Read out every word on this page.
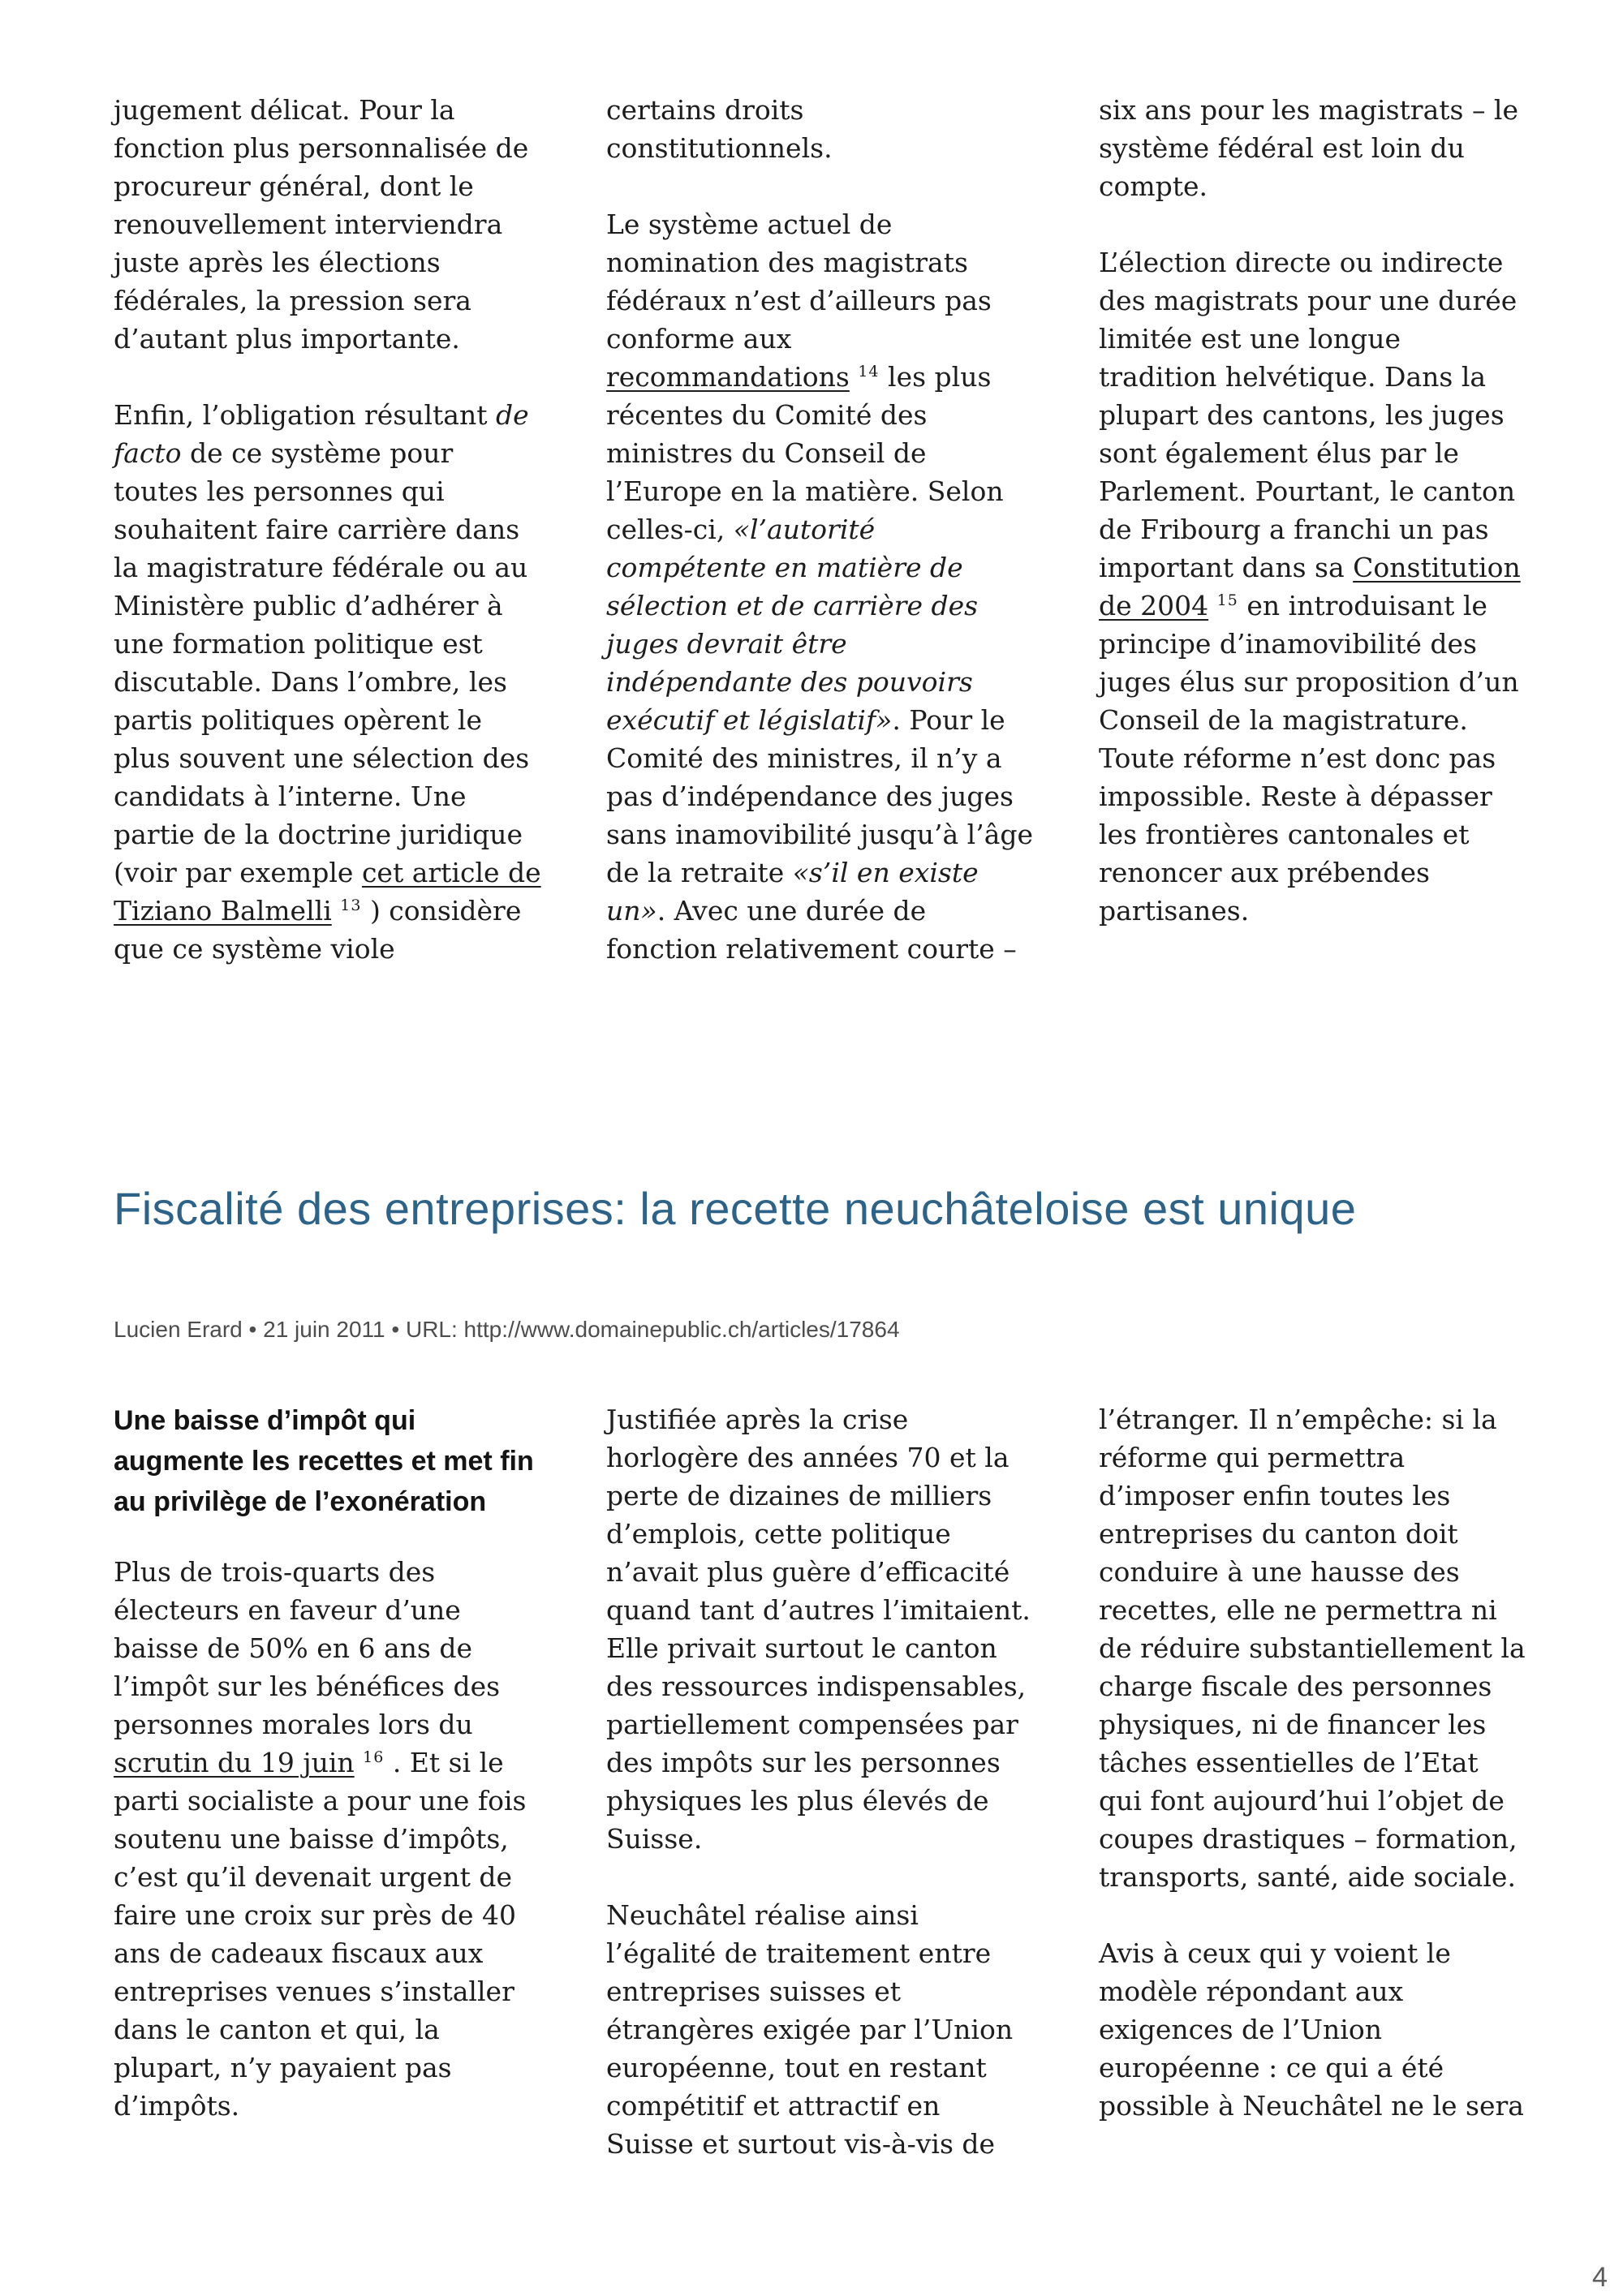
jugement délicat. Pour la fonction plus personnalisée de procureur général, dont le renouvellement interviendra juste après les élections fédérales, la pression sera d’autant plus importante.

Enfin, l’obligation résultant de facto de ce système pour toutes les personnes qui souhaitent faire carrière dans la magistrature fédérale ou au Ministère public d’adhérer à une formation politique est discutable. Dans l’ombre, les partis politiques opèrent le plus souvent une sélection des candidats à l’interne. Une partie de la doctrine juridique (voir par exemple cet article de Tiziano Balmelli $^{13}$ ) considère que ce système viole

certains droits constitutionnels.

Le système actuel de nomination des magistrats fédéraux n’est d’ailleurs pas conforme aux recommandations $^{14}$ les plus récentes du Comité des ministres du Conseil de l’Europe en la matière. Selon celles-ci, «l’autorité compétente en matière de sélection et de carrière des juges devrait être indépendante des pouvoirs exécutif et législatif». Pour le Comité des ministres, il n’y a pas d’indépendance des juges sans inamovibilité jusqu’à l’âge de la retraite «s’il en existe un». Avec une durée de fonction relativement courte –

six ans pour les magistrats – le système fédéral est loin du compte.

L’élection directe ou indirecte des magistrats pour une durée limitée est une longue tradition helvétique. Dans la plupart des cantons, les juges sont également élus par le Parlement. Pourtant, le canton de Fribourg a franchi un pas important dans sa Constitution de 2004 $^{15}$ en introduisant le principe d’inamovibilité des juges élus sur proposition d’un Conseil de la magistrature. Toute réforme n’est donc pas impossible. Reste à dépasser les frontières cantonales et renoncer aux prébendes partisanes.

Fiscalité des entreprises: la recette neuchâteloise est unique
Lucien Erard • 21 juin 2011 • URL: http://www.domainepublic.ch/articles/17864
Une baisse d’impôt qui augmente les recettes et met fin au privilège de l’exonération

Plus de trois-quarts des électeurs en faveur d’une baisse de 50% en 6 ans de l’impôt sur les bénéfices des personnes morales lors du scrutin du 19 juin $^{16}$ . Et si le parti socialiste a pour une fois soutenu une baisse d’impôts, c’est qu’il devenait urgent de faire une croix sur près de 40 ans de cadeaux fiscaux aux entreprises venues s’installer dans le canton et qui, la plupart, n’y payaient pas d’impôts.

Justifiée après la crise horlogère des années 70 et la perte de dizaines de milliers d’emplois, cette politique n’avait plus guère d’efficacité quand tant d’autres l’imitaient. Elle privait surtout le canton des ressources indispensables, partiellement compensées par des impôts sur les personnes physiques les plus élevés de Suisse.

Neuchâtel réalise ainsi l’égalité de traitement entre entreprises suisses et étrangères exigée par l’Union européenne, tout en restant compétitif et attractif en Suisse et surtout vis-à-vis de

l’étranger. Il n’empêche: si la réforme qui permettra d’imposer enfin toutes les entreprises du canton doit conduire à une hausse des recettes, elle ne permettra ni de réduire substantiellement la charge fiscale des personnes physiques, ni de financer les tâches essentielles de l’Etat qui font aujourd’hui l’objet de coupes drastiques – formation, transports, santé, aide sociale.

Avis à ceux qui y voient le modèle répondant aux exigences de l’Union européenne : ce qui a été possible à Neuchâtel ne le sera

4
